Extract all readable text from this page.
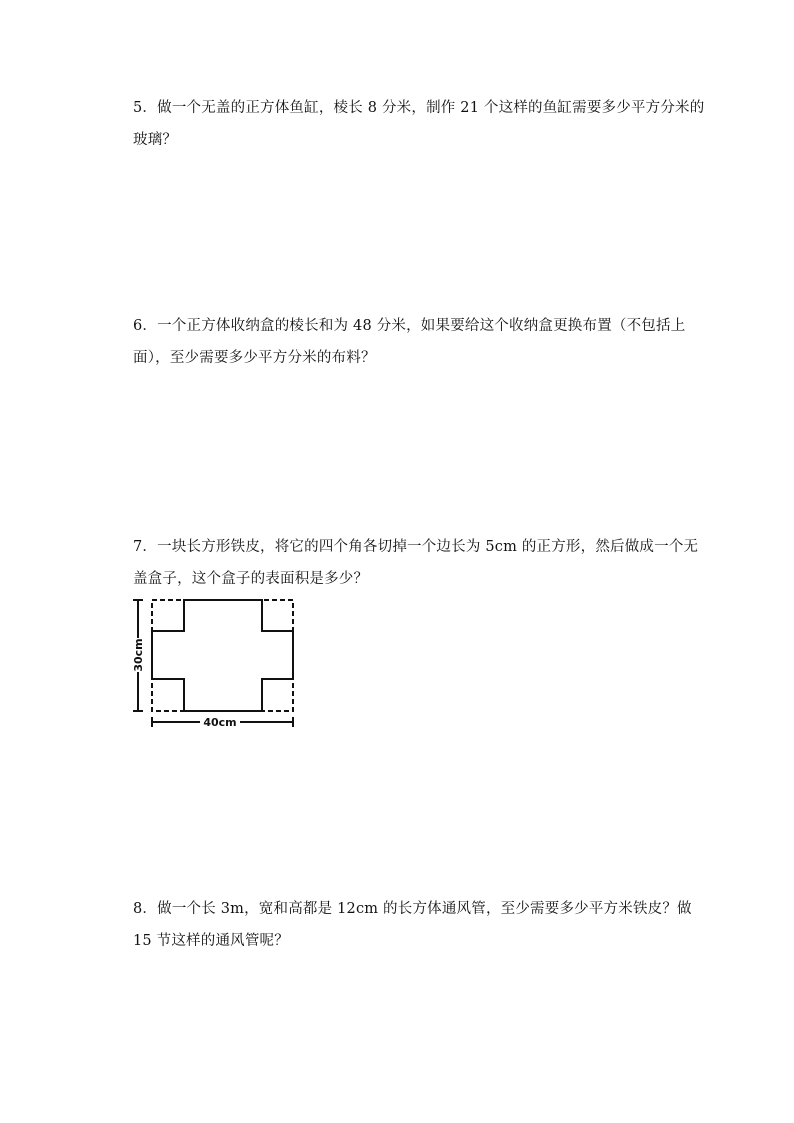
5．做一个无盖的正方体鱼缸，棱长 8 分米，制作 21 个这样的鱼缸需要多少平方分米的
玻璃？
6．一个正方体收纳盒的棱长和为 48 分米，如果要给这个收纳盒更换布置（不包括上
面），至少需要多少平方分米的布料？
7．一块长方形铁皮，将它的四个角各切掉一个边长为 5cm 的正方形，然后做成一个无
盖盒子，这个盒子的表面积是多少？
30cm
40cm
8．做一个长 3m，宽和高都是 12cm 的长方体通风管，至少需要多少平方米铁皮？做
15 节这样的通风管呢？
